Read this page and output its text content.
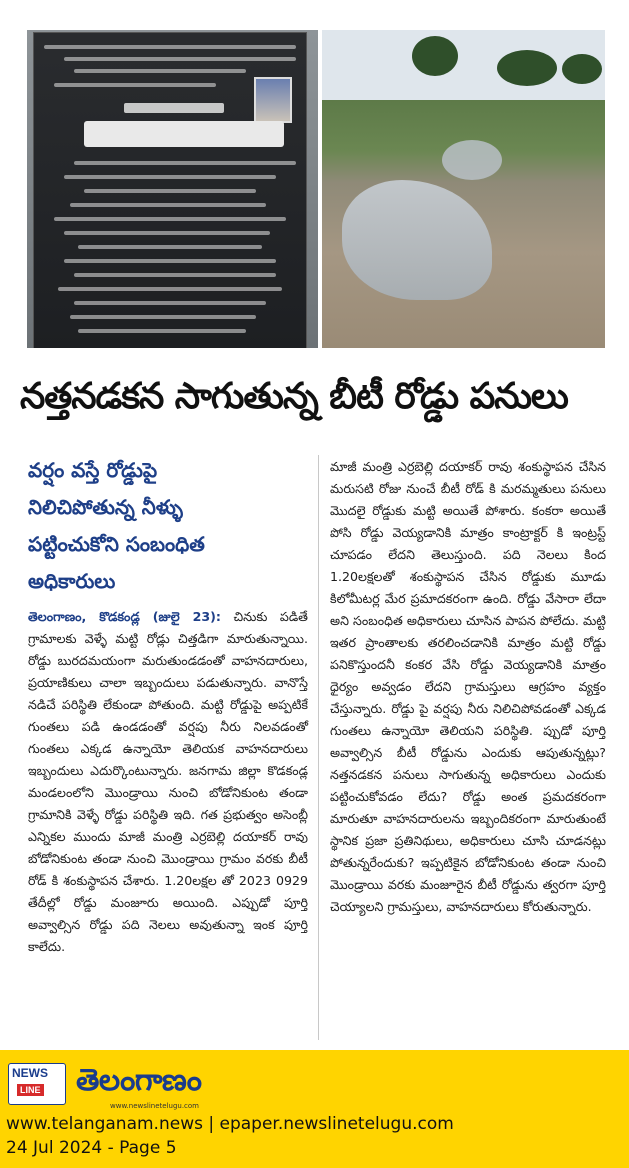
నత్తనడకన సాగుతున్న బీటీ రోడ్డు పనులు
వర్షం వస్తే రోడ్డుపై
నిలిచిపోతున్న నీళ్ళు
పట్టించుకోని సంబంధిత
అధికారులు

తెలంగాణం, కొడకండ్ల (జులై 23): చినుకు పడితే గ్రామాలకు వెళ్ళే మట్టి రోడ్లు చిత్తడిగా మారుతున్నాయి. రోడ్డు బురదమయంగా మరుతుండడంతో వాహనదారులు, ప్రయాణికులు చాలా ఇబ్బందులు పడుతున్నారు. వానొస్తే నడిచే పరిస్థితి లేకుండా పోతుంది. మట్టి రోడ్డుపై అప్పటికే గుంతలు పడి ఉండడంతో వర్షపు నీరు నిలవడంతో గుంతలు ఎక్కడ ఉన్నాయో తెలియక వాహనదారులు ఇబ్బందులు ఎదుర్కొంటున్నారు. జనగామ జిల్లా కొడకండ్ల మండలంలోని మొండ్రాయి నుంచి బోడోనికుంట తండా గ్రామానికి వెళ్ళే రోడ్డు పరిస్థితి ఇది. గత ప్రభుత్వం అసెంబ్లీ ఎన్నికల ముందు మాజీ మంత్రి ఎర్రబెల్లి దయాకర్ రావు బోడోనికుంట తండా నుంచి మొండ్రాయి గ్రామం వరకు బీటీ రోడ్ కి శంకుస్థాపన చేశారు. 1.20లక్షల తో 2023 0929 తేదీల్లో రోడ్డు మంజూరు అయింది. ఎప్పుడో పూర్తి అవ్వాల్సిన రోడ్డు పది నెలలు అవుతున్నా ఇంక పూర్తి కాలేదు.

మాజీ మంత్రి ఎర్రబెల్లి దయాకర్ రావు శంకుస్థాపన చేసిన మరుసటి రోజు నుంచే బీటీ రోడ్ కి మరమ్మతులు పనులు మొదలై రోడ్డుకు మట్టి అయితే పోశారు. కంకరా అయితే పోసి రోడ్డు వెయ్యడానికి మాత్రం కాంట్రాక్టర్ కి ఇంట్రస్ట్ చూపడం లేదని తెలుస్తుంది. పది నెలలు కింద 1.20లక్షలతో శంకుస్థాపన చేసిన రోడ్డుకు మూడు కిలోమీటర్ల మేర ప్రమాదకరంగా ఉంది. రోడ్డు వేసారా లేదా అని సంబంధిత అధికారులు చూసిన పాపన పోలేదు. మట్టి ఇతర ప్రాంతాలకు తరలించడానికి మాత్రం మట్టి రోడ్డు పనికొస్తుందనీ కంకర వేసి రోడ్డు వెయ్యడానికి మాత్రం ధైర్యం అవ్వడం లేదని గ్రామస్తులు ఆగ్రహం వ్యక్తం చేస్తున్నారు. రోడ్డు పై వర్షపు నీరు నిలిచిపోవడంతో ఎక్కడ గుంతలు ఉన్నాయో తెలియని పరిస్థితి. ప్పుడో పూర్తి అవ్వాల్సిన బీటీ రోడ్డును ఎందుకు ఆపుతున్నట్లు? నత్తనడకన పనులు సాగుతున్న అధికారులు ఎందుకు పట్టించుకోవడం లేదు? రోడ్డు అంత ప్రమదకరంగా మారుతూ వాహనదారులను ఇబ్బందికరంగా మారుతుంటే స్థానిక ప్రజా ప్రతినిథులు, అధికారులు చూసి చూడనట్లు పోతున్నరేందుకు? ఇప్పటికైన బోడోనికుంట తండా నుంచి మొండ్రాయి వరకు మంజూరైన బీటీ రోడ్డును త్వరగా పూర్తి చెయ్యాలని గ్రామస్తులు, వాహనదారులు కోరుతున్నారు.

NEWS
LINE తెలంగాణం
www.newslinetelugu.com
www.telanganam.news | epaper.newslinetelugu.com
24 Jul 2024 - Page 5
